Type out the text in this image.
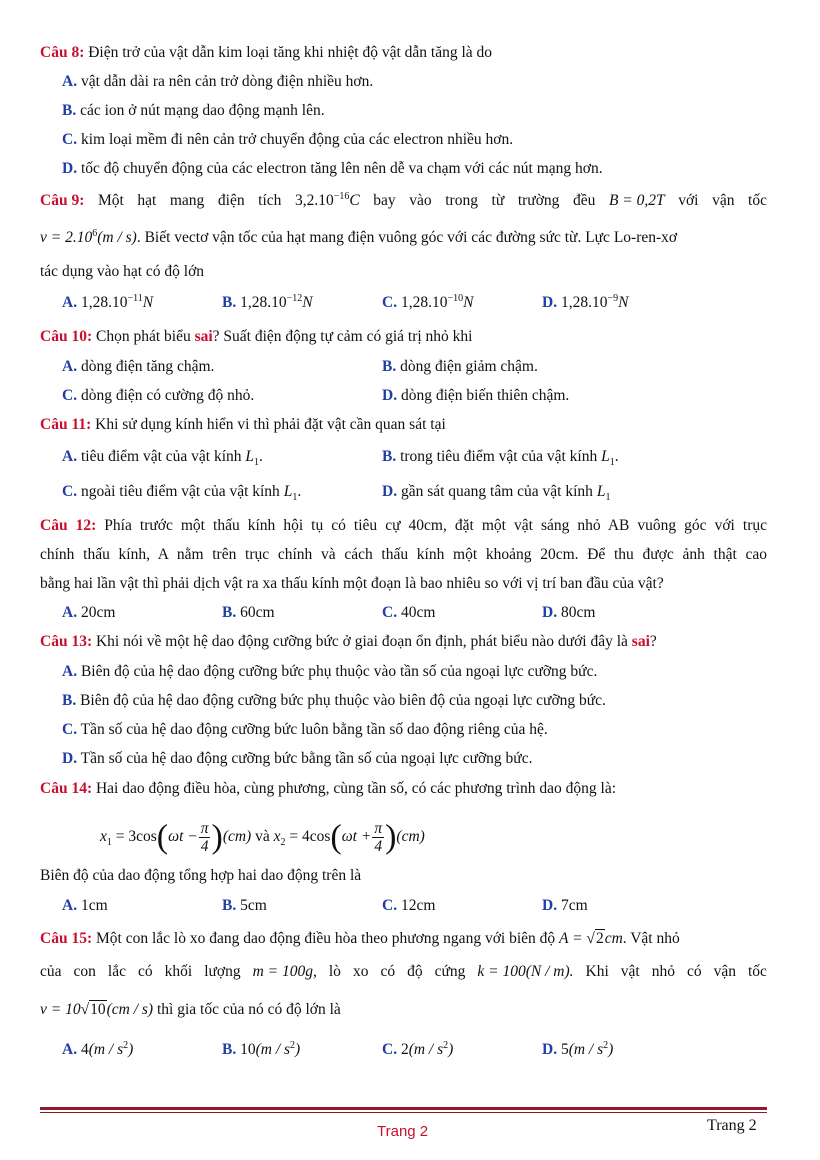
Câu 8: Điện trở của vật dẫn kim loại tăng khi nhiệt độ vật dẫn tăng là do
A. vật dẫn dài ra nên cản trở dòng điện nhiều hơn.
B. các ion ở nút mạng dao động mạnh lên.
C. kim loại mềm đi nên cản trở chuyển động của các electron nhiều hơn.
D. tốc độ chuyển động của các electron tăng lên nên dễ va chạm với các nút mạng hơn.
Câu 9: Một hạt mang điện tích $3,2.10^{-16}C$ bay vào trong từ trường đều B = 0,2T với vận tốc
$v = 2.10^6(m / s)$. Biết vectơ vận tốc của hạt mang điện vuông góc với các đường sức từ. Lực Lo-ren-xơ
tác dụng vào hạt có độ lớn
A. $1,28.10^{-11}N$	B. $1,28.10^{-12}N$	C. $1,28.10^{-10}N$	D. $1,28.10^{-9}N$
Câu 10: Chọn phát biểu sai? Suất điện động tự cảm có giá trị nhỏ khi
A. dòng điện tăng chậm.	B. dòng điện giảm chậm.
C. dòng điện có cường độ nhỏ.	D. dòng điện biến thiên chậm.
Câu 11: Khi sử dụng kính hiển vi thì phải đặt vật cần quan sát tại
A. tiêu điểm vật của vật kính $L_1$.	B. trong tiêu điểm vật của vật kính $L_1$.
C. ngoài tiêu điểm vật của vật kính $L_1$.	D. gần sát quang tâm của vật kính $L_1$
Câu 12: Phía trước một thấu kính hội tụ có tiêu cự 40cm, đặt một vật sáng nhỏ AB vuông góc với trục
chính thấu kính, A nằm trên trục chính và cách thấu kính một khoảng 20cm. Để thu được ảnh thật cao
bằng hai lần vật thì phải dịch vật ra xa thấu kính một đoạn là bao nhiêu so với vị trí ban đầu của vật?
A. 20cm	B. 60cm	C. 40cm	D. 80cm
Câu 13: Khi nói về một hệ dao động cưỡng bức ở giai đoạn ổn định, phát biểu nào dưới đây là sai?
A. Biên độ của hệ dao động cưỡng bức phụ thuộc vào tần số của ngoại lực cưỡng bức.
B. Biên độ của hệ dao động cưỡng bức phụ thuộc vào biên độ của ngoại lực cưỡng bức.
C. Tần số của hệ dao động cưỡng bức luôn bằng tần số dao động riêng của hệ.
D. Tần số của hệ dao động cưỡng bức bằng tần số của ngoại lực cưỡng bức.
Câu 14: Hai dao động điều hòa, cùng phương, cùng tần số, có các phương trình dao động là:
$x_1 = 3\cos(\omega t - \frac{\pi}{4} )(cm)$ và $x_2 = 4\cos(\omega t + \frac{\pi}{4} )(cm)$
Biên độ của dao động tổng hợp hai dao động trên là
A. 1cm	B. 5cm	C. 12cm	D. 7cm
Câu 15: Một con lắc lò xo đang dao động điều hòa theo phương ngang với biên độ A = √2cm. Vật nhỏ
của con lắc có khối lượng m = 100g, lò xo có độ cứng k = 100(N / m). Khi vật nhỏ có vận tốc
v = 10√10(cm / s) thì gia tốc của nó có độ lớn là
A. $4(m / s^2)$	B. $10(m / s^2)$	C. $2(m / s^2)$	D. $5(m / s^2)$
Trang 2	Trang 2
